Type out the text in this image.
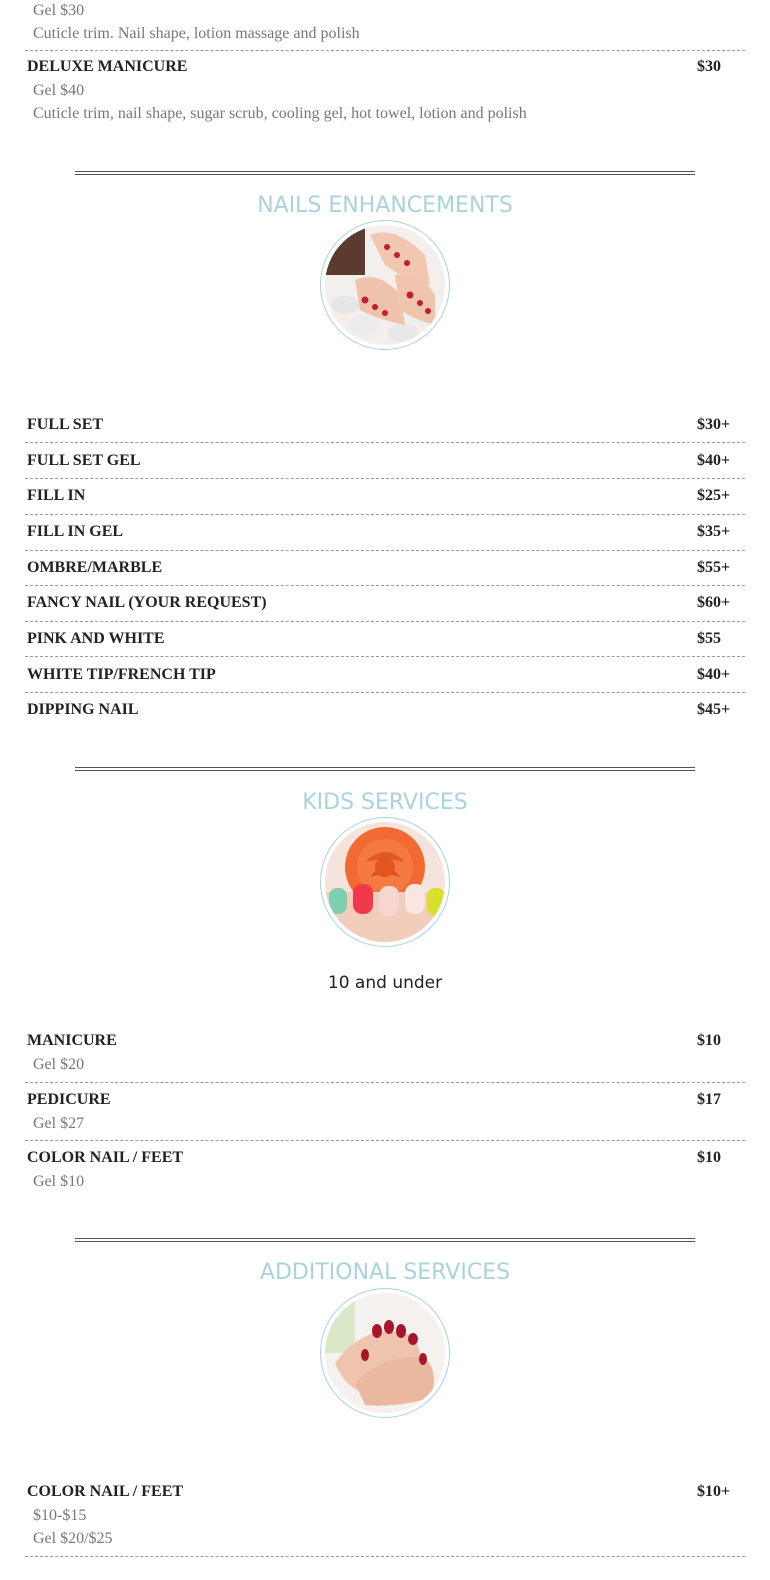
Gel $30
Cuticle trim. Nail shape, lotion massage and polish
DELUXE MANICURE	$30
Gel $40
Cuticle trim, nail shape, sugar scrub, cooling gel, hot towel, lotion and polish
NAILS ENHANCEMENTS
FULL SET	$30+
FULL SET GEL	$40+
FILL IN	$25+
FILL IN GEL	$35+
OMBRE/MARBLE	$55+
FANCY NAIL (YOUR REQUEST)	$60+
PINK AND WHITE	$55
WHITE TIP/FRENCH TIP	$40+
DIPPING NAIL	$45+
KIDS SERVICES
10 and under
MANICURE	$10
Gel $20
PEDICURE	$17
Gel $27
COLOR NAIL / FEET	$10
Gel $10
ADDITIONAL SERVICES
COLOR NAIL / FEET	$10+
$10-$15
Gel $20/$25
